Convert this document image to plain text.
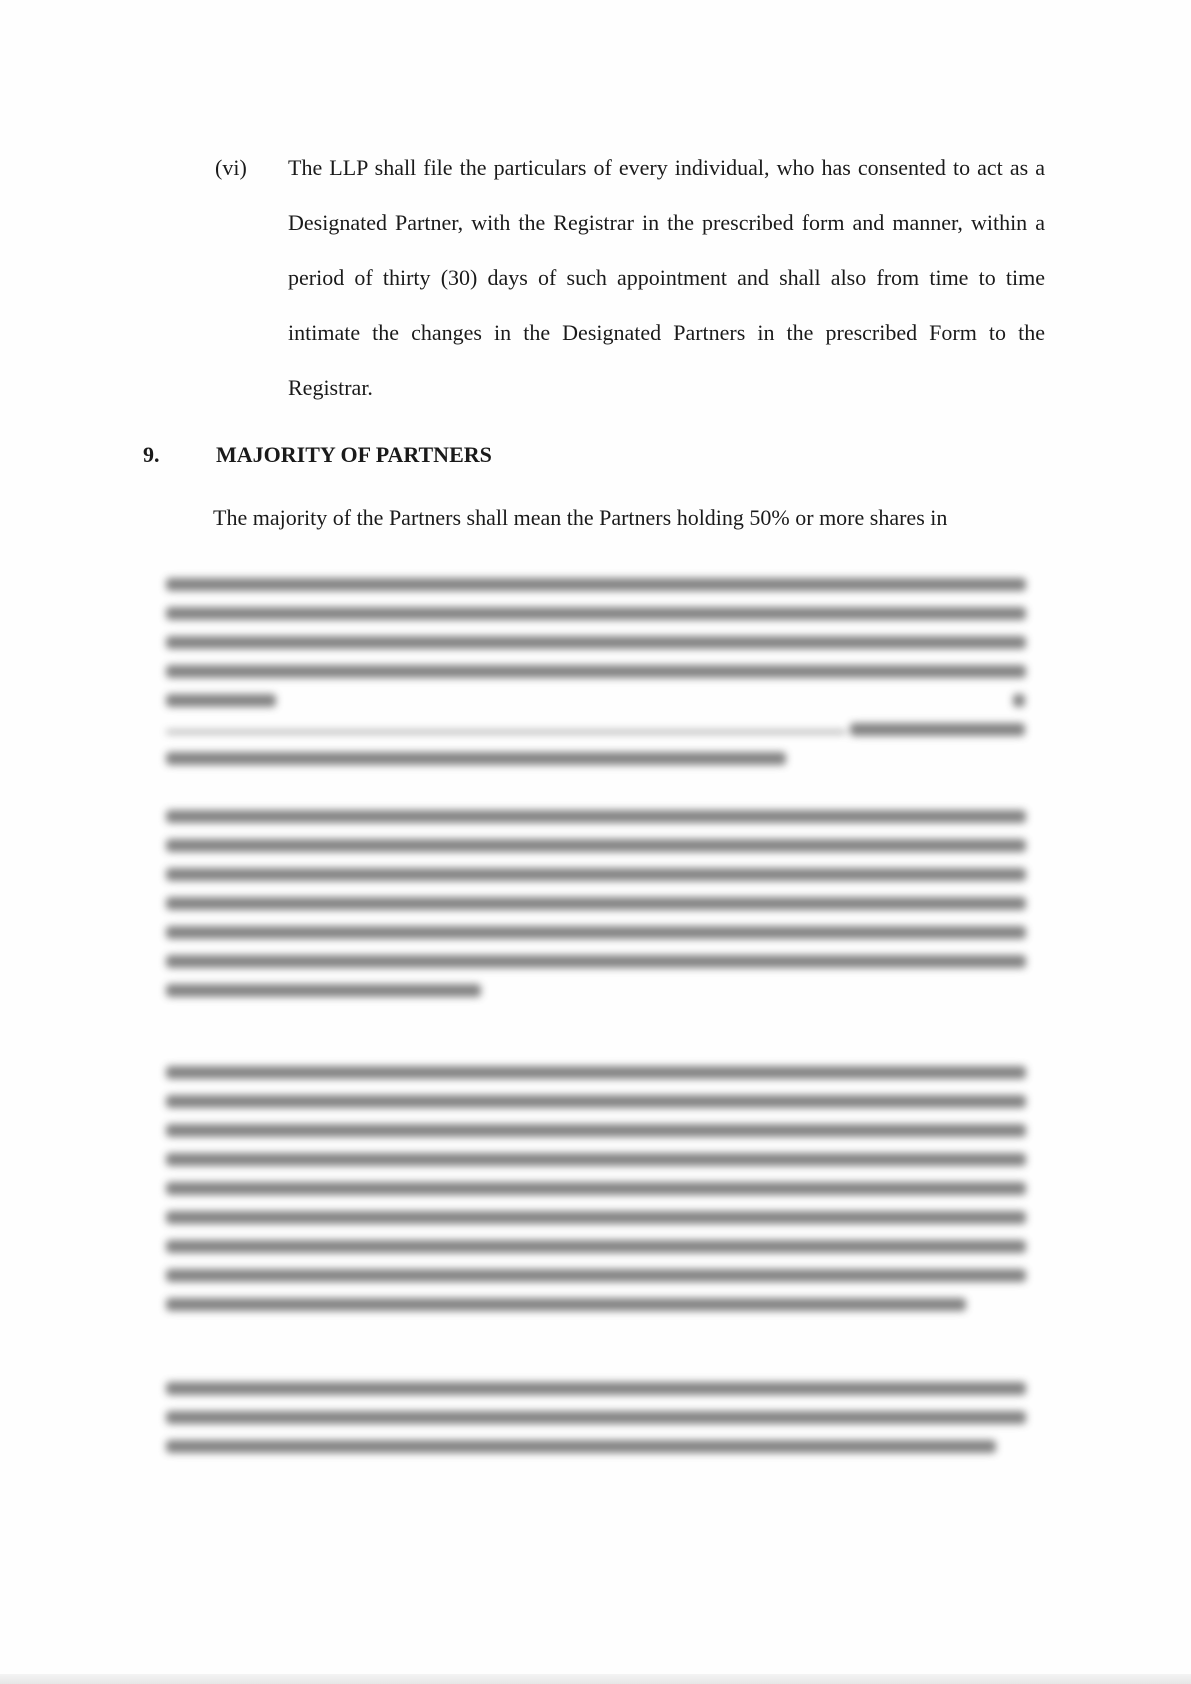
(vi) The LLP shall file the particulars of every individual, who has consented to act as a Designated Partner, with the Registrar in the prescribed form and manner, within a period of thirty (30) days of such appointment and shall also from time to time intimate the changes in the Designated Partners in the prescribed Form to the Registrar.
9.	MAJORITY OF PARTNERS
The majority of the Partners shall mean the Partners holding 50% or more shares in
